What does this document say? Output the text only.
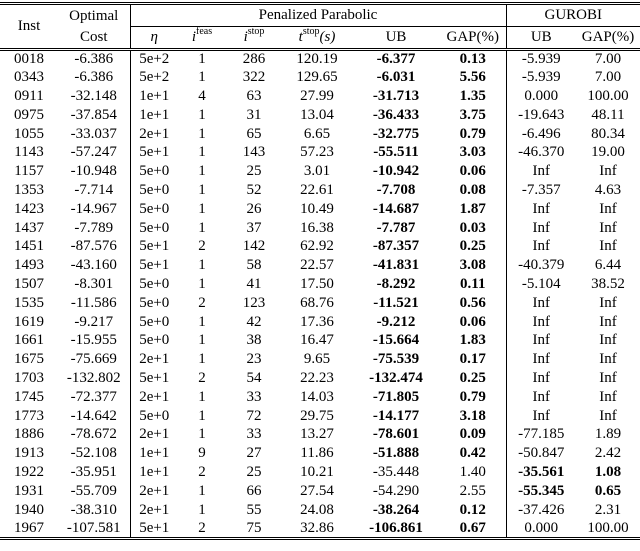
Inst	Optimal
Cost	Penalized Parabolic						GUROBI	
		η	$i^{feas}$	$i^{stop}$	$t^{stop}(s)$	UB	GAP(%)	UB	GAP(%)
0018	-6.386	5e+2	1	286	120.19	-6.377	0.13	-5.939	7.00
0343	-6.386	5e+2	1	322	129.65	-6.031	5.56	-5.939	7.00
0911	-32.148	1e+1	4	63	27.99	-31.713	1.35	0.000	100.00
0975	-37.854	1e+1	1	31	13.04	-36.433	3.75	-19.643	48.11
1055	-33.037	2e+1	1	65	6.65	-32.775	0.79	-6.496	80.34
1143	-57.247	5e+1	1	143	57.23	-55.511	3.03	-46.370	19.00
1157	-10.948	5e+0	1	25	3.01	-10.942	0.06	Inf	Inf
1353	-7.714	5e+0	1	52	22.61	-7.708	0.08	-7.357	4.63
1423	-14.967	5e+0	1	26	10.49	-14.687	1.87	Inf	Inf
1437	-7.789	5e+0	1	37	16.38	-7.787	0.03	Inf	Inf
1451	-87.576	5e+1	2	142	62.92	-87.357	0.25	Inf	Inf
1493	-43.160	5e+1	1	58	22.57	-41.831	3.08	-40.379	6.44
1507	-8.301	5e+0	1	41	17.50	-8.292	0.11	-5.104	38.52
1535	-11.586	5e+0	2	123	68.76	-11.521	0.56	Inf	Inf
1619	-9.217	5e+0	1	42	17.36	-9.212	0.06	Inf	Inf
1661	-15.955	5e+0	1	38	16.47	-15.664	1.83	Inf	Inf
1675	-75.669	2e+1	1	23	9.65	-75.539	0.17	Inf	Inf
1703	-132.802	5e+1	2	54	22.23	-132.474	0.25	Inf	Inf
1745	-72.377	2e+1	1	33	14.03	-71.805	0.79	Inf	Inf
1773	-14.642	5e+0	1	72	29.75	-14.177	3.18	Inf	Inf
1886	-78.672	2e+1	1	33	13.27	-78.601	0.09	-77.185	1.89
1913	-52.108	1e+1	9	27	11.86	-51.888	0.42	-50.847	2.42
1922	-35.951	1e+1	2	25	10.21	-35.448	1.40	-35.561	1.08
1931	-55.709	2e+1	1	66	27.54	-54.290	2.55	-55.345	0.65
1940	-38.310	2e+1	1	55	24.08	-38.264	0.12	-37.426	2.31
1967	-107.581	5e+1	2	75	32.86	-106.861	0.67	0.000	100.00
